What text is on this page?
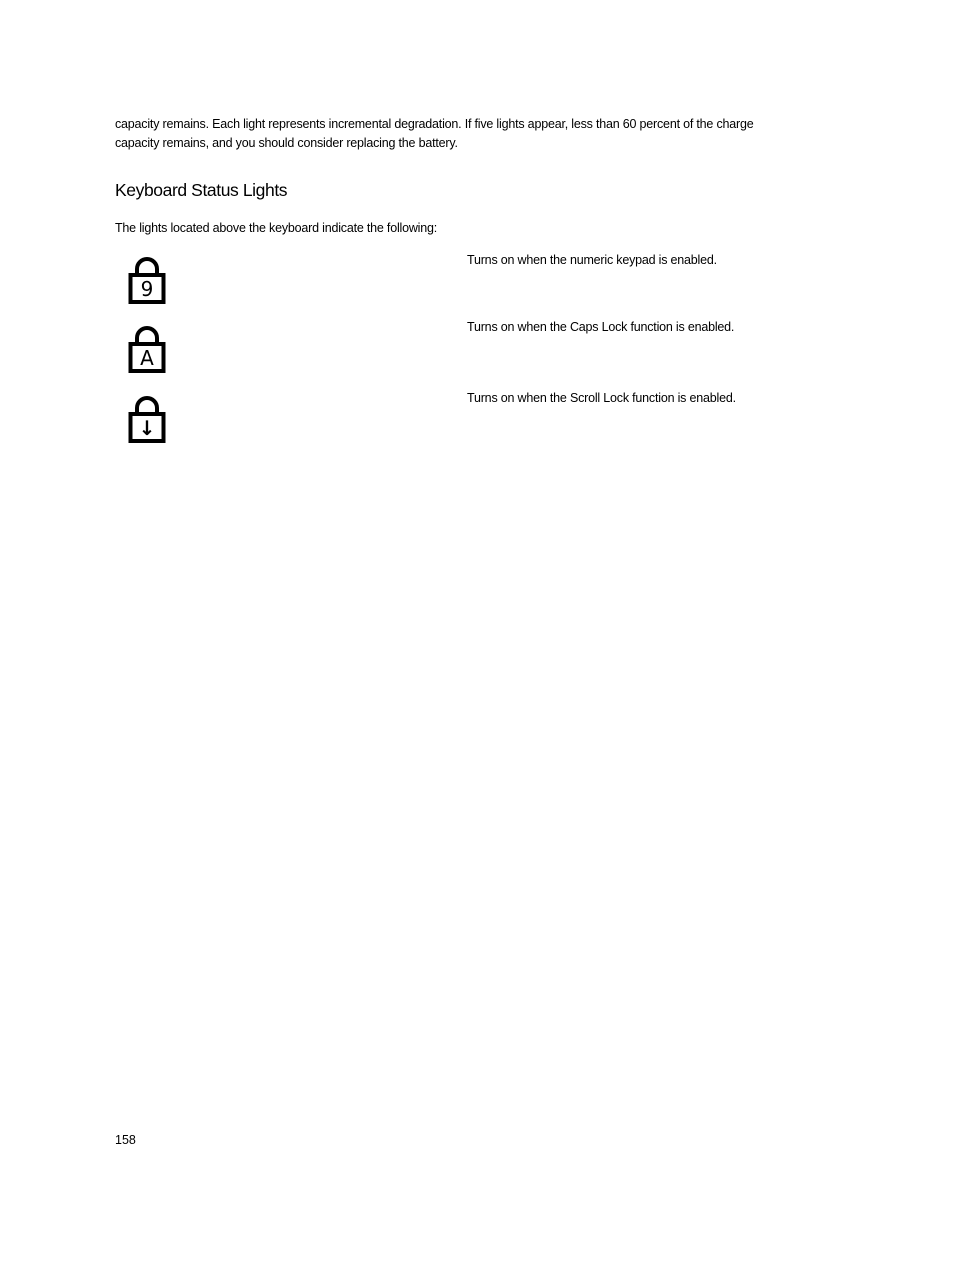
capacity remains. Each light represents incremental degradation. If five lights appear, less than 60 percent of the charge
capacity remains, and you should consider replacing the battery.
Keyboard Status Lights
The lights located above the keyboard indicate the following:
9
Turns on when the numeric keypad is enabled.
A
Turns on when the Caps Lock function is enabled.
↓
Turns on when the Scroll Lock function is enabled.
158
